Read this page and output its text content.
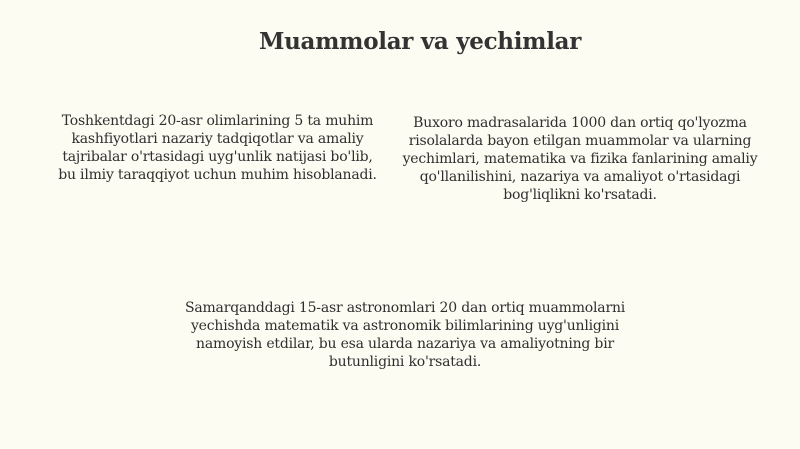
Muammolar va yechimlar
Toshkentdagi 20-asr olimlarining 5 ta muhim kashfiyotlari nazariy tadqiqotlar va amaliy tajribalar o'rtasidagi uyg'unlik natijasi bo'lib, bu ilmiy taraqqiyot uchun muhim hisoblanadi.
Buxoro madrasalarida 1000 dan ortiq qo'lyozma risolalarda bayon etilgan muammolar va ularning yechimlari, matematika va fizika fanlarining amaliy qo'llanilishini, nazariya va amaliyot o'rtasidagi bog'liqlikni ko'rsatadi.
Samarqanddagi 15-asr astronomlari 20 dan ortiq muammolarni yechishda matematik va astronomik bilimlarining uyg'unligini namoyish etdilar, bu esa ularda nazariya va amaliyotning bir butunligini ko'rsatadi.
